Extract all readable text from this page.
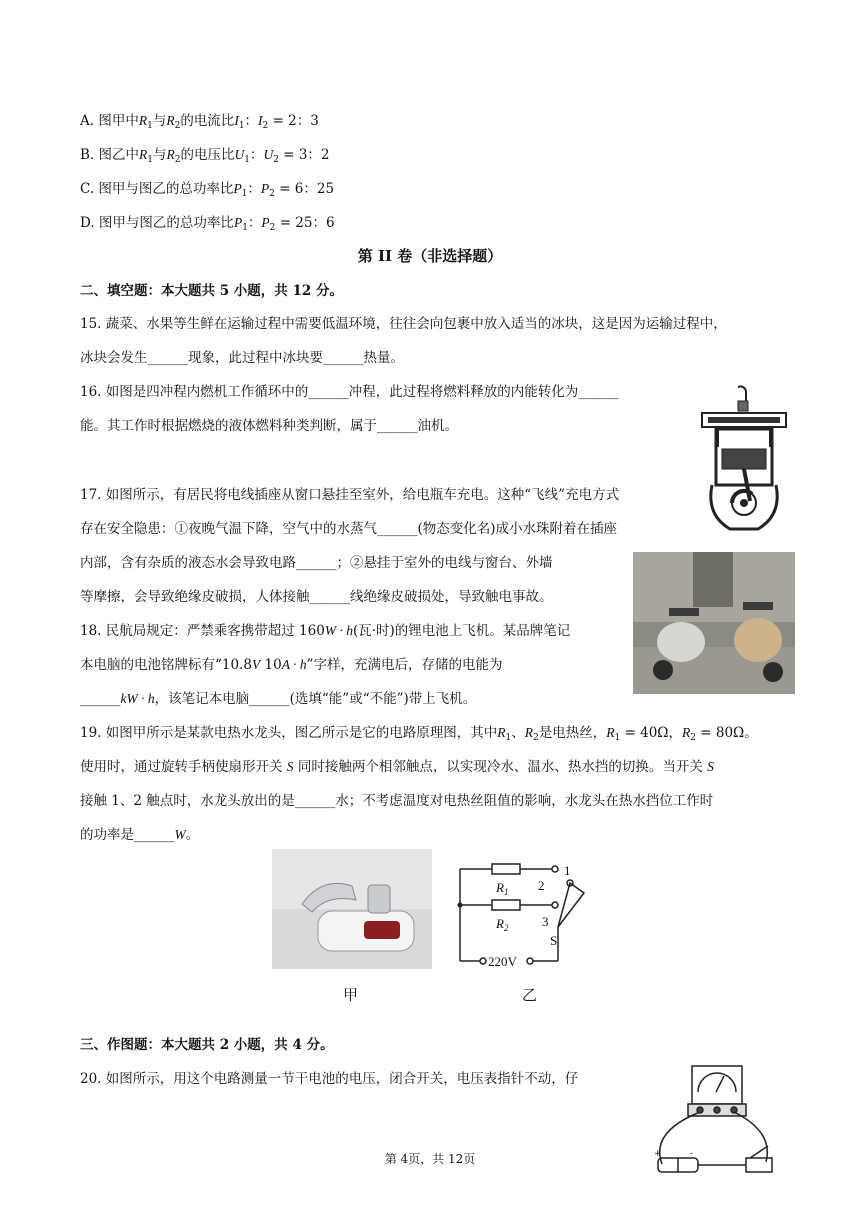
A. 图甲中$R_1$与$R_2$的电流比$I_1$：$I_2 = 2$：3
B. 图乙中$R_1$与$R_2$的电压比$U_1$：$U_2 = 3$：2
C. 图甲与图乙的总功率比$P_1$：$P_2 = 6$：25
D. 图甲与图乙的总功率比$P_1$：$P_2 = 25$：6
第 II 卷（非选择题）
二、填空题：本大题共 5 小题，共 12 分。
15. 蔬菜、水果等生鲜在运输过程中需要低温环境，往往会向包裹中放入适当的冰块，这是因为运输过程中，
冰块会发生______现象，此过程中冰块要______热量。
16. 如图是四冲程内燃机工作循环中的______冲程，此过程将燃料释放的内能转化为______
能。其工作时根据燃烧的液体燃料种类判断，属于______油机。
17. 如图所示，有居民将电线插座从窗口悬挂至室外，给电瓶车充电。这种“飞线”充电方式
存在安全隐患：①夜晚气温下降，空气中的水蒸气______(物态变化名)成小水珠附着在插座
内部，含有杂质的液态水会导致电路______；②悬挂于室外的电线与窗台、外墙
等摩擦，会导致绝缘皮破损，人体接触______线绝缘皮破损处，导致触电事故。
18. 民航局规定：严禁乘客携带超过 160W · h(瓦·时)的锂电池上飞机。某品牌笔记
本电脑的电池铭牌标有“10.8V 10A · h”字样，充满电后，存储的电能为
______kW · h，该笔记本电脑______(选填“能”或“不能”)带上飞机。
19. 如图甲所示是某款电热水龙头，图乙所示是它的电路原理图，其中$R_1$、$R_2$是电热丝，$R_1 = 40\Omega$，$R_2 = 80\Omega$。
使用时，通过旋转手柄使扇形开关 S 同时接触两个相邻触点，以实现冷水、温水、热水挡的切换。当开关 S
接触 1、2 触点时，水龙头放出的是______水；不考虑温度对电热丝阻值的影响，水龙头在热水挡位工作时
的功率是______W。
$R_1$
$R_2$
2
1
3
S
220V
甲	乙
三、作图题：本大题共 2 小题，共 4 分。
20. 如图所示，用这个电路测量一节干电池的电压，闭合开关，电压表指针不动，仔
+	-
第 4页，共 12页
